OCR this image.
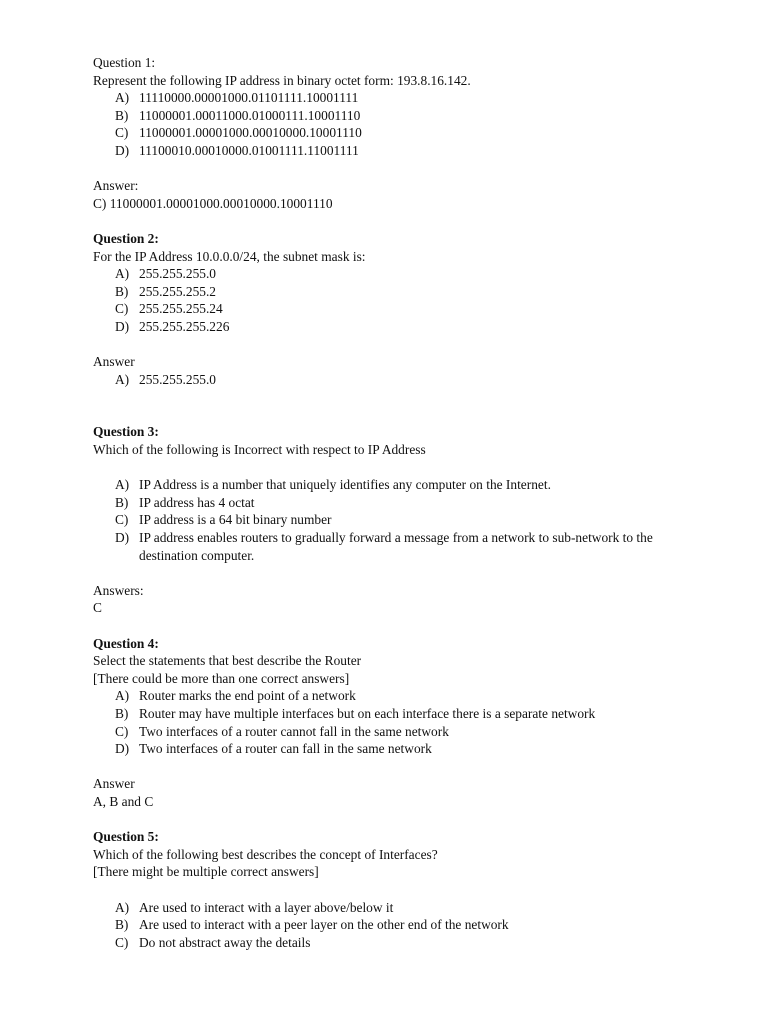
Question 1:
Represent the following IP address in binary octet form: 193.8.16.142.
A) 11110000.00001000.01101111.10001111
B) 11000001.00011000.01000111.10001110
C) 11000001.00001000.00010000.10001110
D) 11100010.00010000.01001111.11001111
Answer:
C) 11000001.00001000.00010000.10001110
Question 2:
For the IP Address 10.0.0.0/24, the subnet mask is:
A) 255.255.255.0
B) 255.255.255.2
C) 255.255.255.24
D) 255.255.255.226
Answer
A) 255.255.255.0
Question 3:
Which of the following is Incorrect with respect to IP Address
A) IP Address is a number that uniquely identifies any computer on the Internet.
B) IP address has 4 octat
C) IP address is a 64 bit binary number
D) IP address enables routers to gradually forward a message from a network to sub-network to the destination computer.
Answers:
C
Question 4:
Select the statements that best describe the Router
[There could be more than one correct answers]
A) Router marks the end point of a network
B) Router may have multiple interfaces but on each interface there is a separate network
C) Two interfaces of a router cannot fall in the same network
D) Two interfaces of a router can fall in the same network
Answer
A, B and C
Question 5:
Which of the following best describes the concept of Interfaces?
[There might be multiple correct answers]
A) Are used to interact with a layer above/below it
B) Are used to interact with a peer layer on the other end of the network
C) Do not abstract away the details
